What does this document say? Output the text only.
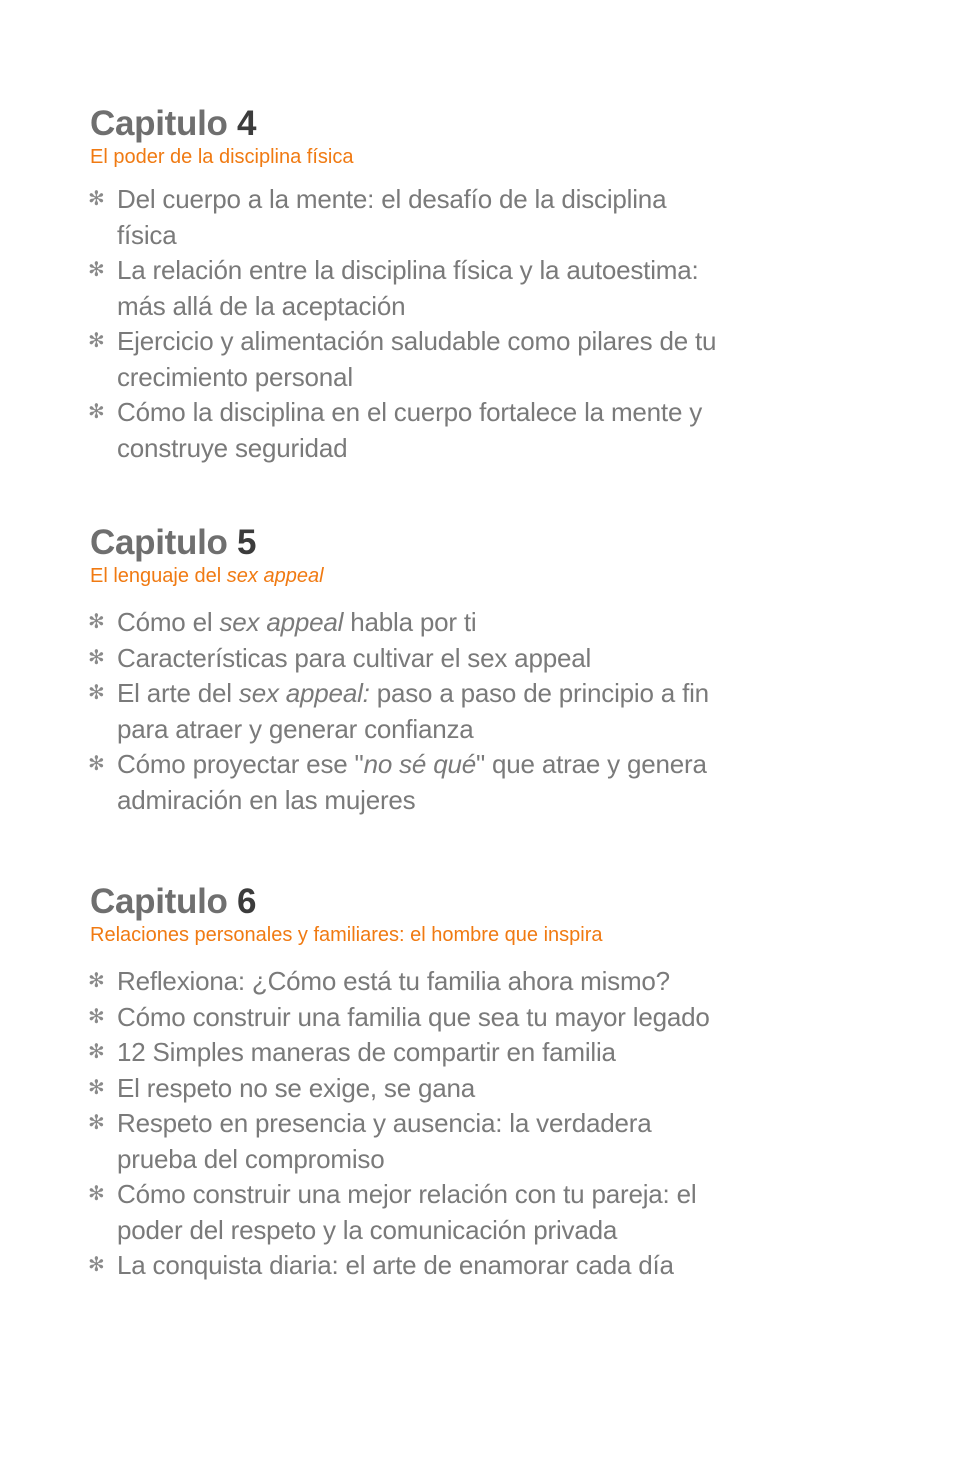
Capitulo 4

El poder de la disciplina física

✻ Del cuerpo a la mente: el desafío de la disciplina física
✻ La relación entre la disciplina física y la autoestima: más allá de la aceptación
✻ Ejercicio y alimentación saludable como pilares de tu crecimiento personal
✻ Cómo la disciplina en el cuerpo fortalece la mente y construye seguridad
Capitulo 5

El lenguaje del sex appeal

✻ Cómo el sex appeal habla por ti
✻ Características para cultivar el sex appeal
✻ El arte del sex appeal: paso a paso de principio a fin para atraer y generar confianza
✻ Cómo proyectar ese "no sé qué" que atrae y genera admiración en las mujeres
Capitulo 6

Relaciones personales y familiares: el hombre que inspira

✻ Reflexiona: ¿Cómo está tu familia ahora mismo?
✻ Cómo construir una familia que sea tu mayor legado
✻ 12 Simples maneras de compartir en familia
✻ El respeto no se exige, se gana
✻ Respeto en presencia y ausencia: la verdadera prueba del compromiso
✻ Cómo construir una mejor relación con tu pareja: el poder del respeto y la comunicación privada
✻ La conquista diaria: el arte de enamorar cada día
